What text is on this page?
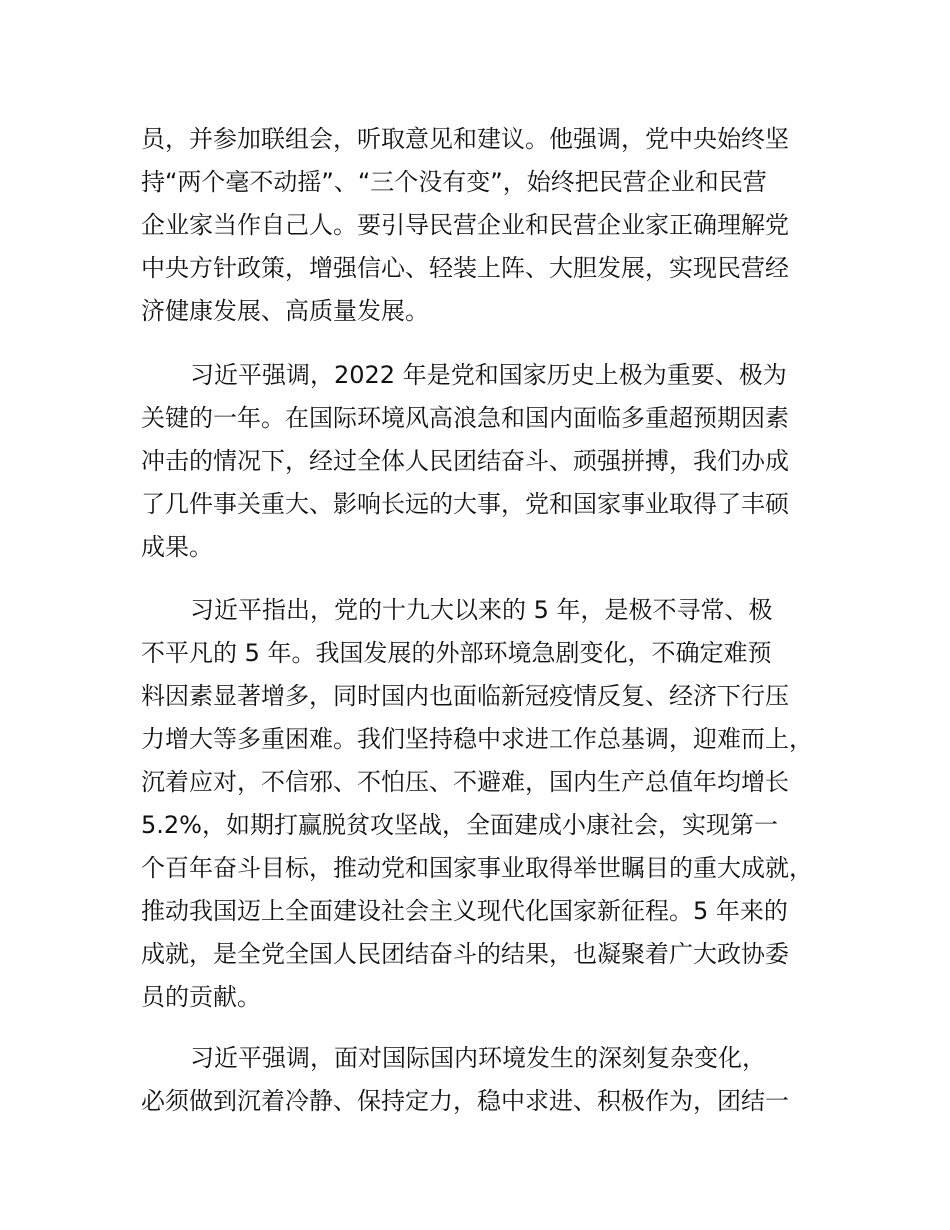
员，并参加联组会，听取意见和建议。他强调，党中央始终坚
持“两个毫不动摇”、“三个没有变”，始终把民营企业和民营
企业家当作自己人。要引导民营企业和民营企业家正确理解党
中央方针政策，增强信心、轻装上阵、大胆发展，实现民营经
济健康发展、高质量发展。
习近平强调，2022 年是党和国家历史上极为重要、极为
关键的一年。在国际环境风高浪急和国内面临多重超预期因素
冲击的情况下，经过全体人民团结奋斗、顽强拼搏，我们办成
了几件事关重大、影响长远的大事，党和国家事业取得了丰硕
成果。
习近平指出，党的十九大以来的 5 年，是极不寻常、极
不平凡的 5 年。我国发展的外部环境急剧变化，不确定难预
料因素显著增多，同时国内也面临新冠疫情反复、经济下行压
力增大等多重困难。我们坚持稳中求进工作总基调，迎难而上，
沉着应对，不信邪、不怕压、不避难，国内生产总值年均增长
5.2%，如期打赢脱贫攻坚战，全面建成小康社会，实现第一
个百年奋斗目标，推动党和国家事业取得举世瞩目的重大成就，
推动我国迈上全面建设社会主义现代化国家新征程。5 年来的
成就，是全党全国人民团结奋斗的结果，也凝聚着广大政协委
员的贡献。
习近平强调，面对国际国内环境发生的深刻复杂变化，
必须做到沉着冷静、保持定力，稳中求进、积极作为，团结一
